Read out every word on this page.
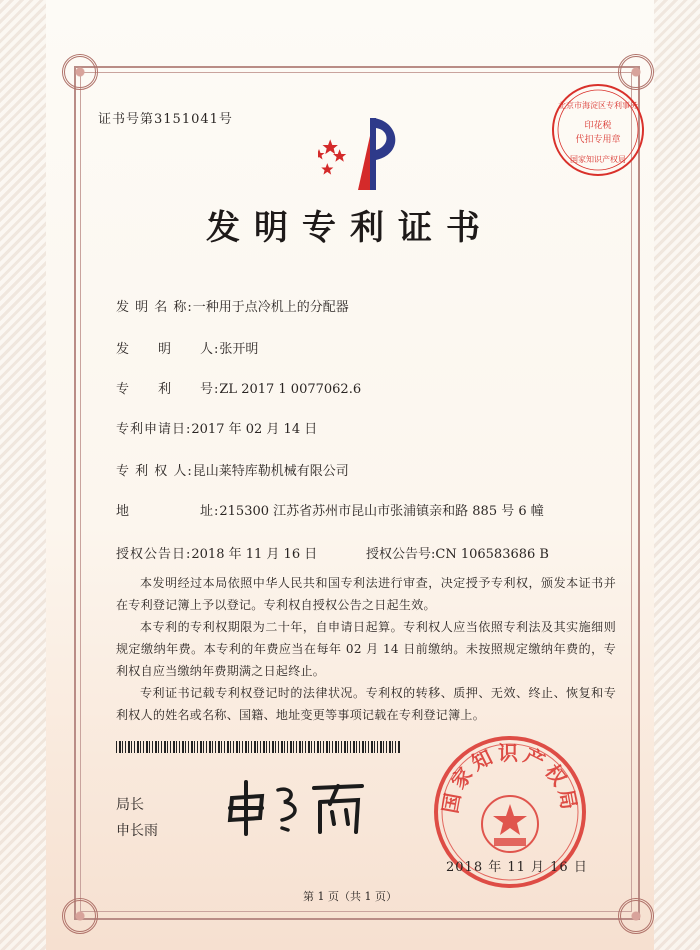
证书号第3151041号
北京市海淀区专利事务
印花税
代扣专用章
国家知识产权局
发明专利证书
发 明 名 称:一种用于点冷机上的分配器
发　　明　　人:张开明
专　　利　　号:ZL 2017 1 0077062.6
专利申请日:2017 年 02 月 14 日
专 利 权 人:昆山莱特库勒机械有限公司
地　　　　　址:215300 江苏省苏州市昆山市张浦镇亲和路 885 号 6 幢
授权公告日:2018 年 11 月 16 日	授权公告号:CN 106583686 B
本发明经过本局依照中华人民共和国专利法进行审查，决定授予专利权，颁发本证书并在专利登记簿上予以登记。专利权自授权公告之日起生效。
本专利的专利权期限为二十年，自申请日起算。专利权人应当依照专利法及其实施细则规定缴纳年费。本专利的年费应当在每年 02 月 14 日前缴纳。未按照规定缴纳年费的，专利权自应当缴纳年费期满之日起终止。
专利证书记载专利权登记时的法律状况。专利权的转移、质押、无效、终止、恢复和专利权人的姓名或名称、国籍、地址变更等事项记载在专利登记簿上。
局长
申长雨
国家知识产权局
2018 年 11 月 16 日
第 1 页（共 1 页）
